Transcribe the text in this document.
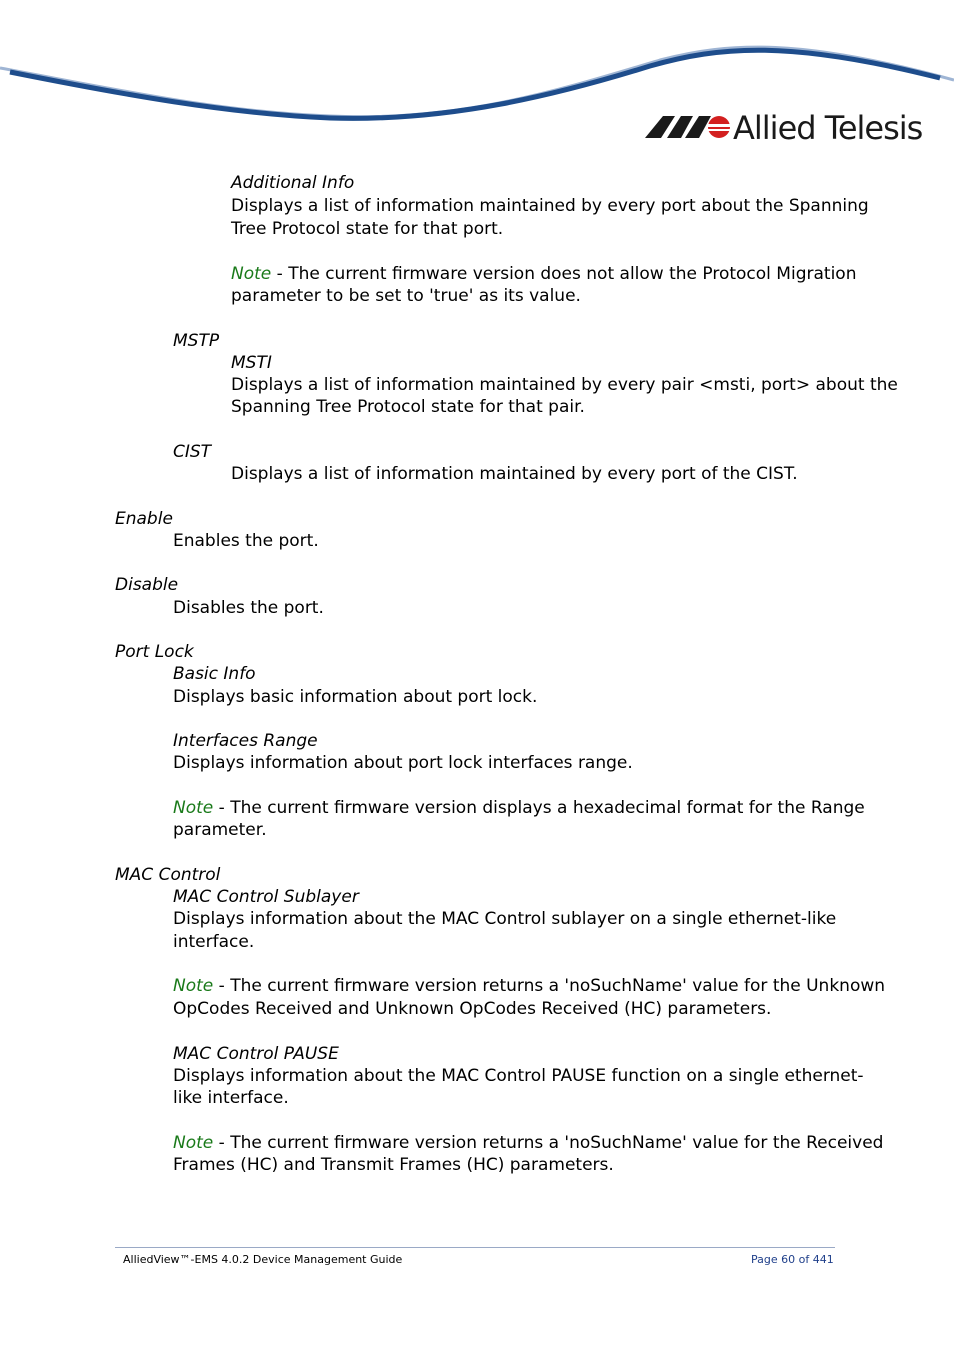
Allied Telesis
Additional Info
Displays a list of information maintained by every port about the Spanning
Tree Protocol state for that port.
Note - The current firmware version does not allow the Protocol Migration
parameter to be set to 'true' as its value.
MSTP
MSTI
Displays a list of information maintained by every pair <msti, port> about the
Spanning Tree Protocol state for that pair.
CIST
Displays a list of information maintained by every port of the CIST.
Enable
Enables the port.
Disable
Disables the port.
Port Lock
Basic Info
Displays basic information about port lock.
Interfaces Range
Displays information about port lock interfaces range.
Note - The current firmware version displays a hexadecimal format for the Range
parameter.
MAC Control
MAC Control Sublayer
Displays information about the MAC Control sublayer on a single ethernet-like
interface.
Note - The current firmware version returns a 'noSuchName' value for the Unknown
OpCodes Received and Unknown OpCodes Received (HC) parameters.
MAC Control PAUSE
Displays information about the MAC Control PAUSE function on a single ethernet-
like interface.
Note - The current firmware version returns a 'noSuchName' value for the Received
Frames (HC) and Transmit Frames (HC) parameters.
AlliedView™-EMS 4.0.2 Device Management Guide	Page 60 of 441
